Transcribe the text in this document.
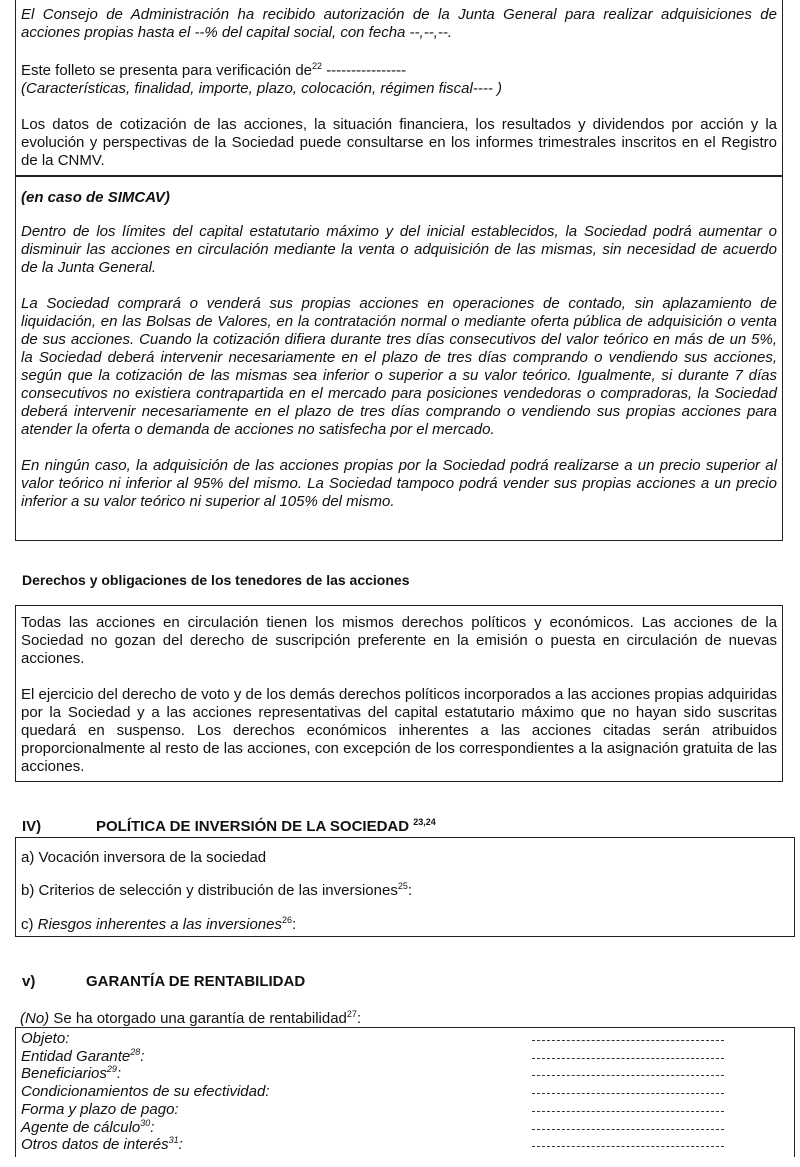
El Consejo de Administración ha recibido autorización de la Junta General para realizar adquisiciones de acciones propias hasta el --% del capital social, con fecha --,--,--.

Este folleto se presenta para verificación $de^{22}$ ----------------

(Características, finalidad, importe, plazo, colocación, régimen fiscal---- )

Los datos de cotización de las acciones, la situación financiera, los resultados y dividendos por acción y la evolución y perspectivas de la Sociedad puede consultarse en los informes trimestrales inscritos en el Registro de la CNMV.

(en caso de SIMCAV)

Dentro de los límites del capital estatutario máximo y del inicial establecidos, la Sociedad podrá aumentar o disminuir las acciones en circulación mediante la venta o adquisición de las mismas, sin necesidad de acuerdo de la Junta General.

La Sociedad comprará o venderá sus propias acciones en operaciones de contado, sin aplazamiento de liquidación, en las Bolsas de Valores, en la contratación normal o mediante oferta pública de adquisición o venta de sus acciones. Cuando la cotización difiera durante tres días consecutivos del valor teórico en más de un 5%, la Sociedad deberá intervenir necesariamente en el plazo de tres días comprando o vendiendo sus acciones, según que la cotización de las mismas sea inferior o superior a su valor teórico. Igualmente, si durante 7 días consecutivos no existiera contrapartida en el mercado para posiciones vendedoras o compradoras, la Sociedad deberá intervenir necesariamente en el plazo de tres días comprando o vendiendo sus propias acciones para atender la oferta o demanda de acciones no satisfecha por el mercado.

En ningún caso, la adquisición de las acciones propias por la Sociedad podrá realizarse a un precio superior al valor teórico ni inferior al 95% del mismo. La Sociedad tampoco podrá vender sus propias acciones a un precio inferior a su valor teórico ni superior al 105% del mismo.

Derechos y obligaciones de los tenedores de las acciones

Todas las acciones en circulación tienen los mismos derechos políticos y económicos. Las acciones de la Sociedad no gozan del derecho de suscripción preferente en la emisión o puesta en circulación de nuevas acciones.

El ejercicio del derecho de voto y de los demás derechos políticos incorporados a las acciones propias adquiridas por la Sociedad y a las acciones representativas del capital estatutario máximo que no hayan sido suscritas quedará en suspenso. Los derechos económicos inherentes a las acciones citadas serán atribuidos proporcionalmente al resto de las acciones, con excepción de los correspondientes a la asignación gratuita de las acciones.

IV)	POLÍTICA DE INVERSIÓN DE LA SOCIEDAD $^{23,24}$
a) Vocación inversora de la sociedad
b) Criterios de selección y distribución de las inversiones$^{25}$:
c) Riesgos inherentes a las inversiones$^{26}$:
v)	GARANTÍA DE RENTABILIDAD
(No) Se ha otorgado una garantía de rentabilidad$^{27}$:
Objeto:
Entidad Garante$^{28}$:
Beneficiarios$^{29}$:
Condicionamientos de su efectividad:
Forma y plazo de pago:
Agente de cálculo$^{30}$:
Otros datos de interés$^{31}$:
